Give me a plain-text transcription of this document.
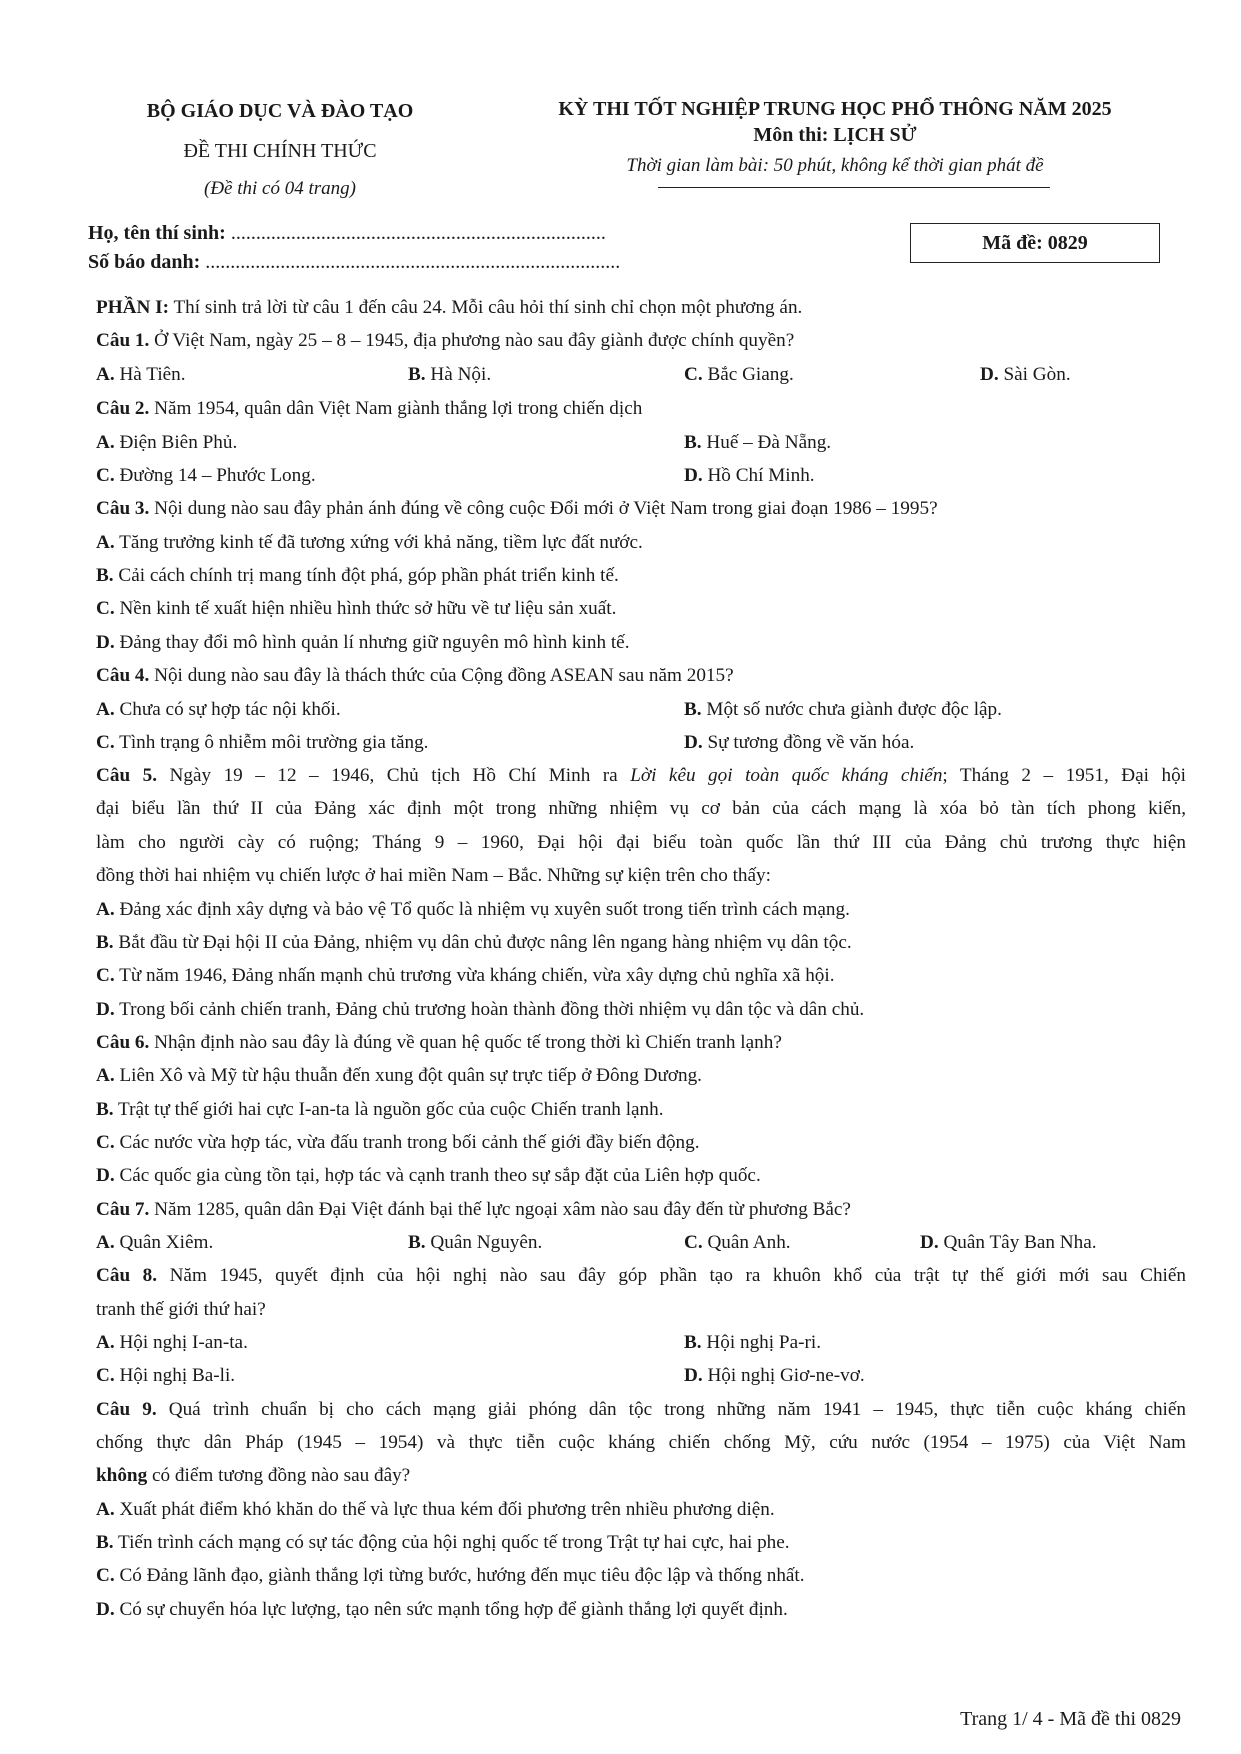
BỘ GIÁO DỤC VÀ ĐÀO TẠO
ĐỀ THI CHÍNH THỨC
(Đề thi có 04 trang)
KỲ THI TỐT NGHIỆP TRUNG HỌC PHỔ THÔNG NĂM 2025
Môn thi: LỊCH SỬ
Thời gian làm bài: 50 phút, không kể thời gian phát đề
Họ, tên thí sinh: ...........................................................................
Số báo danh: ...................................................................................
Mã đề: 0829
PHẦN I: Thí sinh trả lời từ câu 1 đến câu 24. Mỗi câu hỏi thí sinh chỉ chọn một phương án.
Câu 1. Ở Việt Nam, ngày 25 – 8 – 1945, địa phương nào sau đây giành được chính quyền?
A. Hà Tiên.	B. Hà Nội.	C. Bắc Giang.	D. Sài Gòn.
Câu 2. Năm 1954, quân dân Việt Nam giành thắng lợi trong chiến dịch
A. Điện Biên Phủ.	B. Huế – Đà Nẵng.
C. Đường 14 – Phước Long.	D. Hồ Chí Minh.
Câu 3. Nội dung nào sau đây phản ánh đúng về công cuộc Đổi mới ở Việt Nam trong giai đoạn 1986 – 1995?
A. Tăng trưởng kinh tế đã tương xứng với khả năng, tiềm lực đất nước.
B. Cải cách chính trị mang tính đột phá, góp phần phát triển kinh tế.
C. Nền kinh tế xuất hiện nhiều hình thức sở hữu về tư liệu sản xuất.
D. Đảng thay đổi mô hình quản lí nhưng giữ nguyên mô hình kinh tế.
Câu 4. Nội dung nào sau đây là thách thức của Cộng đồng ASEAN sau năm 2015?
A. Chưa có sự hợp tác nội khối.	B. Một số nước chưa giành được độc lập.
C. Tình trạng ô nhiễm môi trường gia tăng.	D. Sự tương đồng về văn hóa.
Câu 5. Ngày 19 – 12 – 1946, Chủ tịch Hồ Chí Minh ra Lời kêu gọi toàn quốc kháng chiến; Tháng 2 – 1951, Đại hội
đại biểu lần thứ II của Đảng xác định một trong những nhiệm vụ cơ bản của cách mạng là xóa bỏ tàn tích phong kiến,
làm cho người cày có ruộng; Tháng 9 – 1960, Đại hội đại biểu toàn quốc lần thứ III của Đảng chủ trương thực hiện
đồng thời hai nhiệm vụ chiến lược ở hai miền Nam – Bắc. Những sự kiện trên cho thấy:
A. Đảng xác định xây dựng và bảo vệ Tổ quốc là nhiệm vụ xuyên suốt trong tiến trình cách mạng.
B. Bắt đầu từ Đại hội II của Đảng, nhiệm vụ dân chủ được nâng lên ngang hàng nhiệm vụ dân tộc.
C. Từ năm 1946, Đảng nhấn mạnh chủ trương vừa kháng chiến, vừa xây dựng chủ nghĩa xã hội.
D. Trong bối cảnh chiến tranh, Đảng chủ trương hoàn thành đồng thời nhiệm vụ dân tộc và dân chủ.
Câu 6. Nhận định nào sau đây là đúng về quan hệ quốc tế trong thời kì Chiến tranh lạnh?
A. Liên Xô và Mỹ từ hậu thuẫn đến xung đột quân sự trực tiếp ở Đông Dương.
B. Trật tự thế giới hai cực I-an-ta là nguồn gốc của cuộc Chiến tranh lạnh.
C. Các nước vừa hợp tác, vừa đấu tranh trong bối cảnh thế giới đầy biến động.
D. Các quốc gia cùng tồn tại, hợp tác và cạnh tranh theo sự sắp đặt của Liên hợp quốc.
Câu 7. Năm 1285, quân dân Đại Việt đánh bại thế lực ngoại xâm nào sau đây đến từ phương Bắc?
A. Quân Xiêm.	B. Quân Nguyên.	C. Quân Anh.	D. Quân Tây Ban Nha.
Câu 8. Năm 1945, quyết định của hội nghị nào sau đây góp phần tạo ra khuôn khổ của trật tự thế giới mới sau Chiến
tranh thế giới thứ hai?
A. Hội nghị I-an-ta.	B. Hội nghị Pa-ri.
C. Hội nghị Ba-li.	D. Hội nghị Giơ-ne-vơ.
Câu 9. Quá trình chuẩn bị cho cách mạng giải phóng dân tộc trong những năm 1941 – 1945, thực tiễn cuộc kháng chiến
chống thực dân Pháp (1945 – 1954) và thực tiễn cuộc kháng chiến chống Mỹ, cứu nước (1954 – 1975) của Việt Nam
không có điểm tương đồng nào sau đây?
A. Xuất phát điểm khó khăn do thế và lực thua kém đối phương trên nhiều phương diện.
B. Tiến trình cách mạng có sự tác động của hội nghị quốc tế trong Trật tự hai cực, hai phe.
C. Có Đảng lãnh đạo, giành thắng lợi từng bước, hướng đến mục tiêu độc lập và thống nhất.
D. Có sự chuyển hóa lực lượng, tạo nên sức mạnh tổng hợp để giành thắng lợi quyết định.
Trang 1/ 4 - Mã đề thi 0829
